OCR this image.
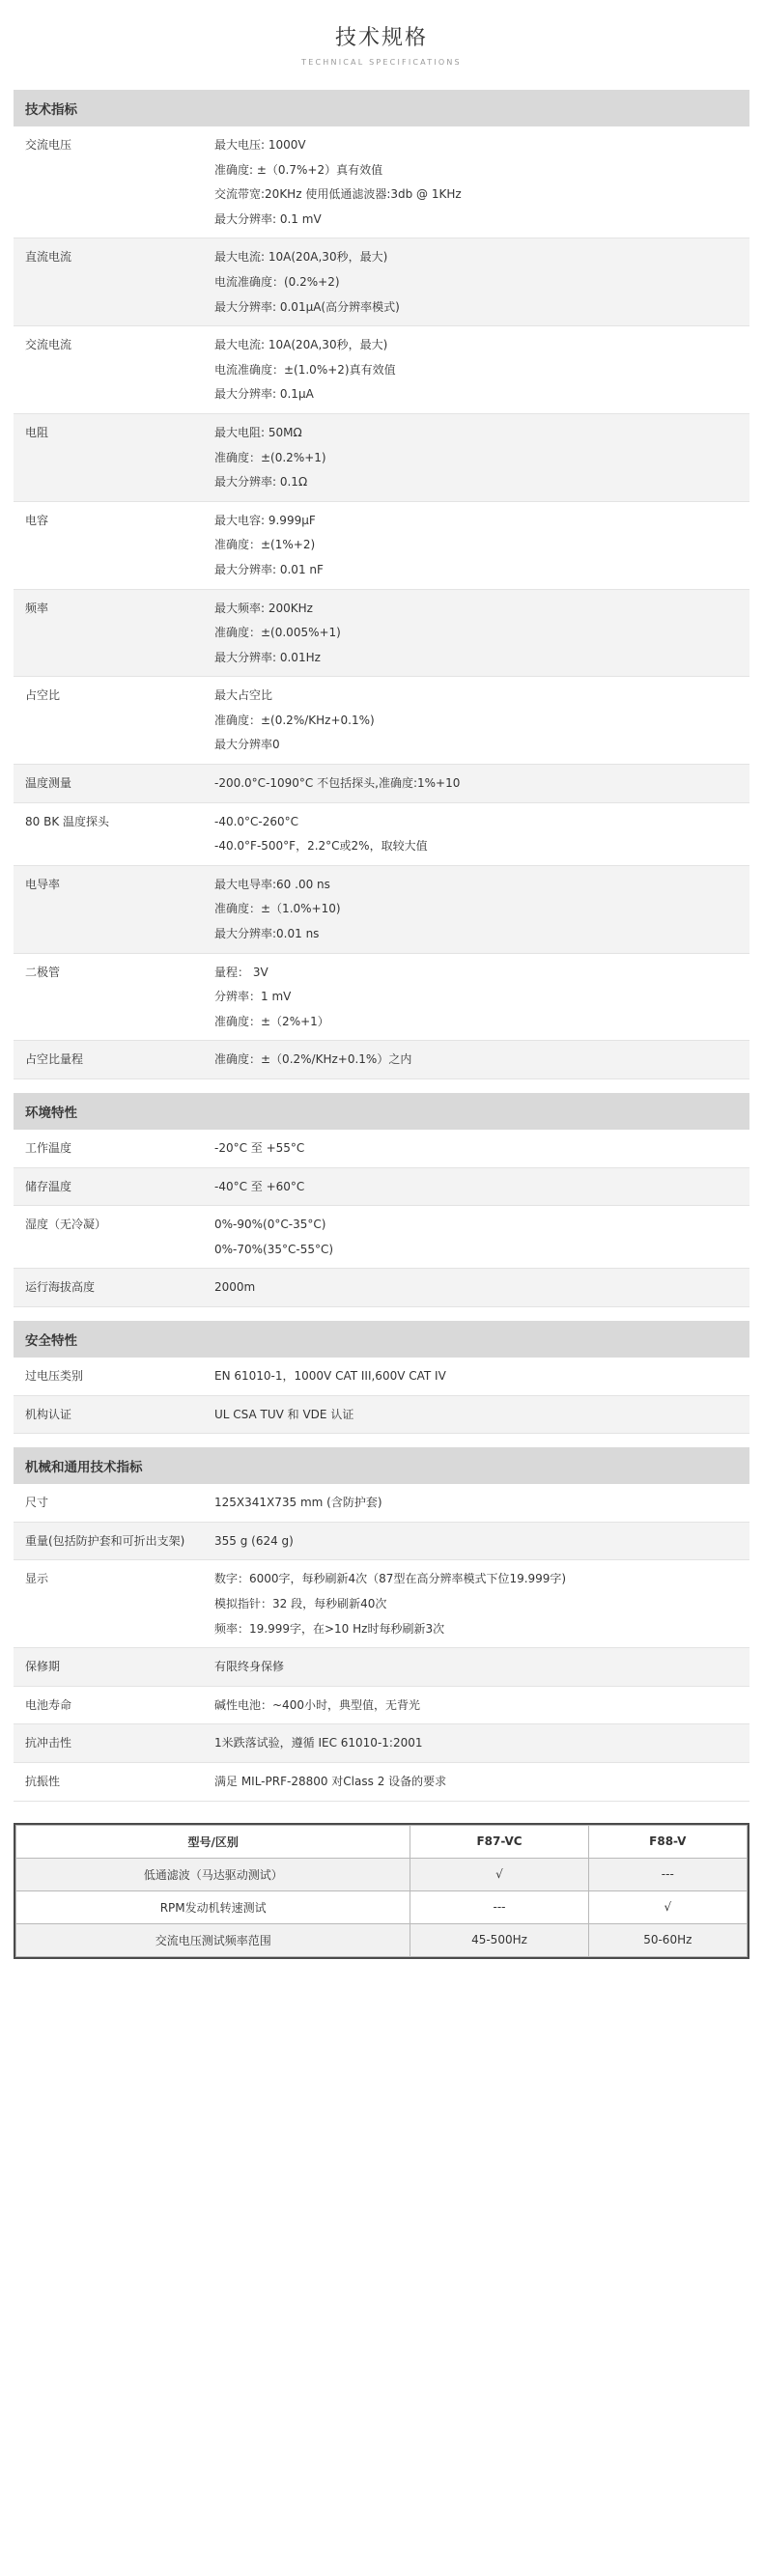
技术规格
TECHNICAL SPECIFICATIONS
技术指标
交流电压	最大电压: 1000V
准确度: ±（0.7%+2）真有效值
交流带宽:20KHz 使用低通滤波器:3db @ 1KHz
最大分辨率: 0.1 mV

直流电流	最大电流: 10A(20A,30秒，最大)
电流准确度：(0.2%+2)
最大分辨率: 0.01μA(高分辨率模式)

交流电流	最大电流: 10A(20A,30秒，最大)
电流准确度：±(1.0%+2)真有效值
最大分辨率: 0.1μA

电阻	最大电阻: 50MΩ
准确度：±(0.2%+1)
最大分辨率: 0.1Ω

电容	最大电容: 9.999μF
准确度：±(1%+2)
最大分辨率: 0.01 nF

频率	最大频率: 200KHz
准确度：±(0.005%+1)
最大分辨率: 0.01Hz

占空比	最大占空比
准确度：±(0.2%/KHz+0.1%)
最大分辨率0

温度测量	-200.0°C-1090°C 不包括探头,准确度:1%+10

80 BK 温度探头	-40.0°C-260°C
-40.0°F-500°F，2.2°C或2%，取较大值

电导率	最大电导率:60 .00 ns
准确度：±（1.0%+10)
最大分辨率:0.01 ns

二极管	量程： 3V
分辨率：1 mV
准确度：±（2%+1）

占空比量程	准确度：±（0.2%/KHz+0.1%）之内
环境特性
工作温度	-20°C 至 +55°C

储存温度	-40°C 至 +60°C

湿度（无冷凝）	0%-90%(0°C-35°C)
0%-70%(35°C-55°C)

运行海拔高度	2000m
安全特性
过电压类别	EN 61010-1，1000V CAT III,600V CAT IV

机构认证	UL CSA TUV 和 VDE 认证
机械和通用技术指标
尺寸	125X341X735 mm (含防护套)

重量(包括防护套和可折出支架)	355 g (624 g)

显示	数字：6000字，每秒刷新4次（87型在高分辨率模式下位19.999字)
模拟指针：32 段，每秒刷新40次
频率：19.999字，在>10 Hz时每秒刷新3次

保修期	有限终身保修

电池寿命	碱性电池：~400小时，典型值，无背光

抗冲击性	1米跌落试验，遵循 IEC 61010-1:2001

抗振性	满足 MIL-PRF-28800 对Class 2 设备的要求
型号/区别	F87-VC	F88-V
低通滤波（马达驱动测试）	√	---
RPM发动机转速测试	---	√
交流电压测试频率范围	45-500Hz	50-60Hz
